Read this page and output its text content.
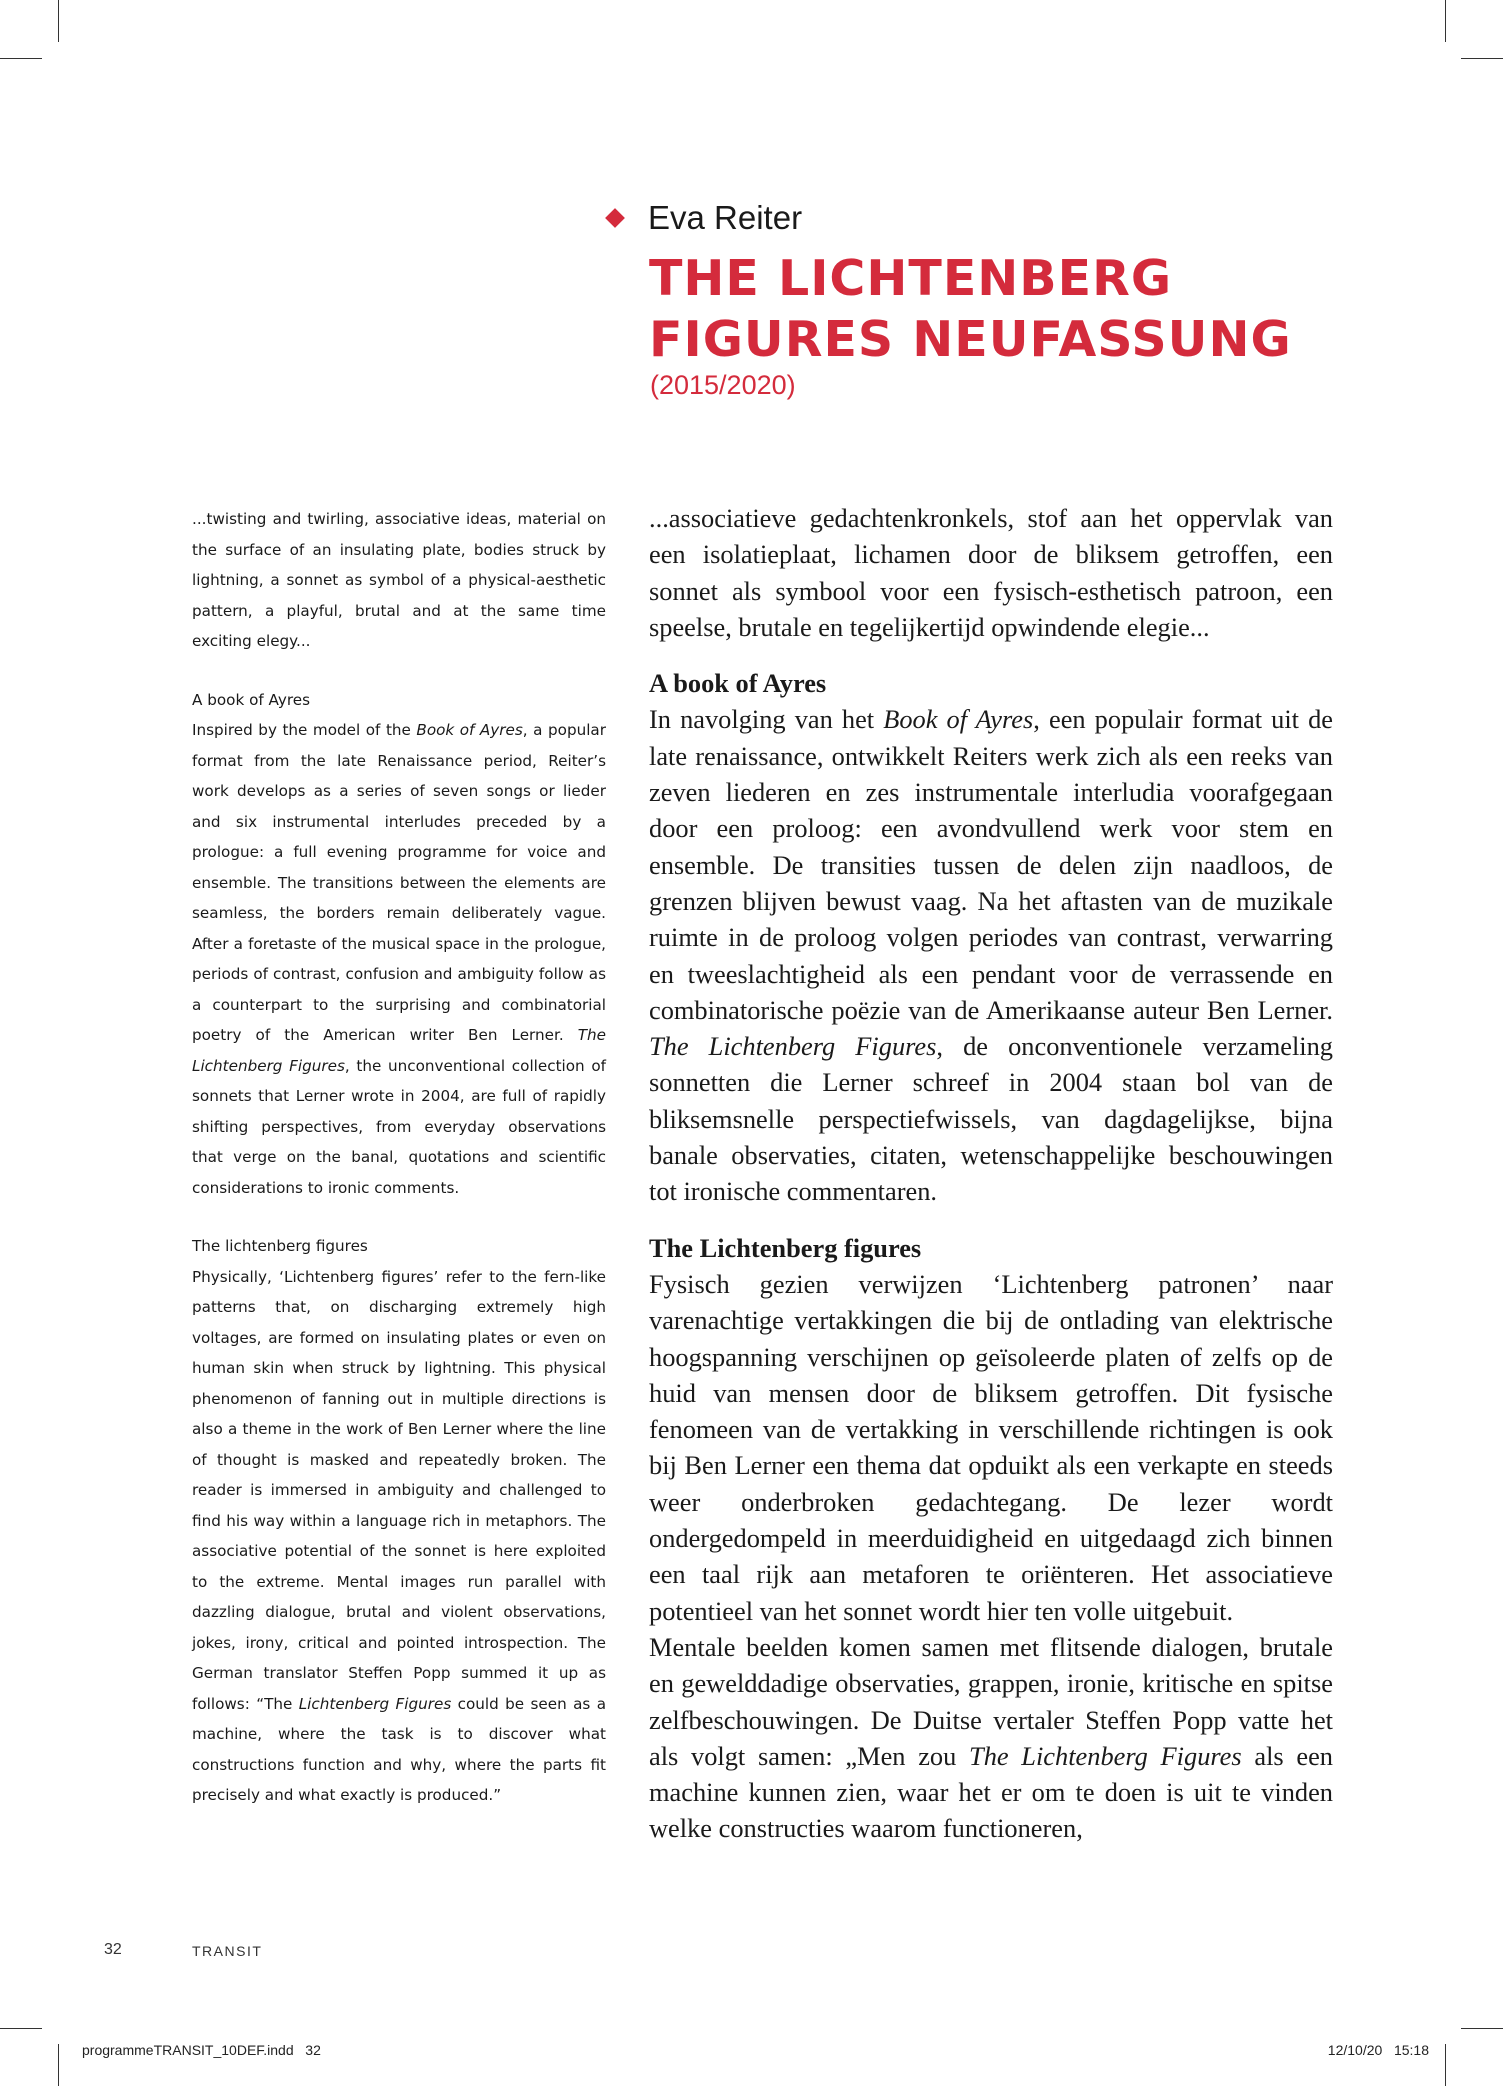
Eva Reiter
THE LICHTENBERG
FIGURES NEUFASSUNG
(2015/2020)

...twisting and twirling, associative ideas, material on the surface of an insulating plate, bodies struck by lightning, a sonnet as symbol of a physical-aesthetic pattern, a playful, brutal and at the same time exciting elegy...

A book of Ayres

Inspired by the model of the Book of Ayres, a popular format from the late Renaissance period, Reiter’s work develops as a series of seven songs or lieder and six instrumental interludes preceded by a prologue: a full evening programme for voice and ensemble. The transitions between the elements are seamless, the borders remain deliberately vague. After a foretaste of the musical space in the prologue, periods of contrast, confusion and ambiguity follow as a counterpart to the surprising and combinatorial poetry of the American writer Ben Lerner. The Lichtenberg Figures, the unconventional collection of sonnets that Lerner wrote in 2004, are full of rapidly shifting perspectives, from everyday observations that verge on the banal, quotations and scientific considerations to ironic comments.

The lichtenberg figures

Physically, ‘Lichtenberg figures’ refer to the fern-like patterns that, on discharging extremely high voltages, are formed on insulating plates or even on human skin when struck by lightning. This physical phenomenon of fanning out in multiple directions is also a theme in the work of Ben Lerner where the line of thought is masked and repeatedly broken. The reader is immersed in ambiguity and challenged to find his way within a language rich in metaphors. The associative potential of the sonnet is here exploited to the extreme. Mental images run parallel with dazzling dialogue, brutal and violent observations, jokes, irony, critical and pointed introspection. The German translator Steffen Popp summed it up as follows: “The Lichtenberg Figures could be seen as a machine, where the task is to discover what constructions function and why, where the parts fit precisely and what exactly is produced.”

...associatieve gedachtenkronkels, stof aan het oppervlak van een isolatieplaat, lichamen door de bliksem getroffen, een sonnet als symbool voor een fysisch-esthetisch patroon, een speelse, brutale en tegelijkertijd opwindende elegie...

A book of Ayres

In navolging van het Book of Ayres, een populair format uit de late renaissance, ontwikkelt Reiters werk zich als een reeks van zeven liederen en zes instrumentale interludia voorafgegaan door een proloog: een avondvullend werk voor stem en ensemble. De transities tussen de delen zijn naadloos, de grenzen blijven bewust vaag. Na het aftasten van de muzikale ruimte in de proloog volgen periodes van contrast, verwarring en tweeslachtigheid als een pendant voor de verrassende en combinatorische poëzie van de Amerikaanse auteur Ben Lerner. The Lichtenberg Figures, de onconventionele verzameling sonnetten die Lerner schreef in 2004 staan bol van de bliksemsnelle perspectiefwissels, van dagdagelijkse, bijna banale observaties, citaten, wetenschappelijke beschouwingen tot ironische commentaren.

The Lichtenberg figures

Fysisch gezien verwijzen ‘Lichtenberg patronen’ naar varenachtige vertakkingen die bij de ontlading van elektrische hoogspanning verschijnen op geïsoleerde platen of zelfs op de huid van mensen door de bliksem getroffen. Dit fysische fenomeen van de vertakking in verschillende richtingen is ook bij Ben Lerner een thema dat opduikt als een verkapte en steeds weer onderbroken gedachtegang. De lezer wordt ondergedompeld in meerduidigheid en uitgedaagd zich binnen een taal rijk aan metaforen te oriënteren. Het associatieve potentieel van het sonnet wordt hier ten volle uitgebuit.

Mentale beelden komen samen met flitsende dialogen, brutale en gewelddadige observaties, grappen, ironie, kritische en spitse zelfbeschouwingen. De Duitse vertaler Steffen Popp vatte het als volgt samen: „Men zou The Lichtenberg Figures als een machine kunnen zien, waar het er om te doen is uit te vinden welke constructies waarom functioneren,

32	TRANSIT
programmeTRANSIT_10DEF.indd   32	12/10/20   15:18
